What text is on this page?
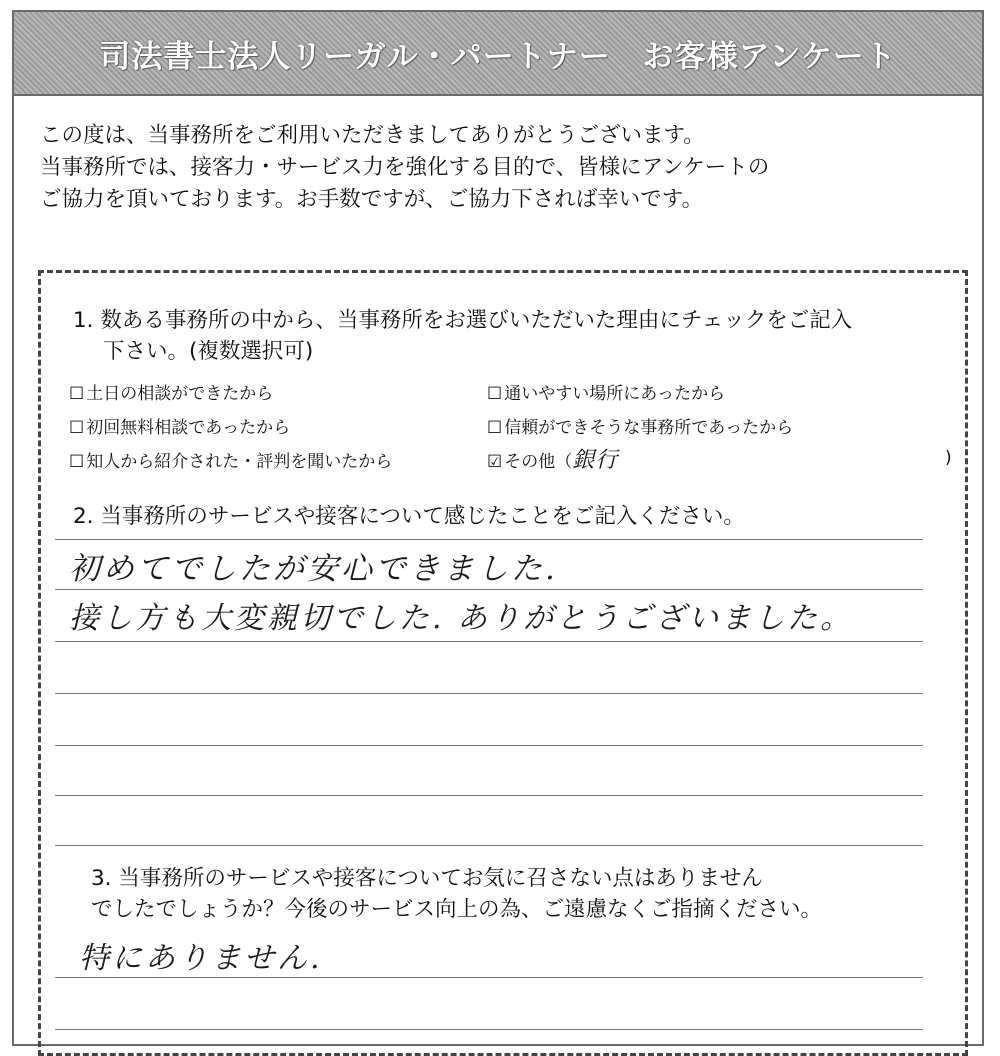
司法書士法人リーガル・パートナー　お客様アンケート
この度は、当事務所をご利用いただきましてありがとうございます。
当事務所では、接客力・サービス力を強化する目的で、皆様にアンケートの
ご協力を頂いております。お手数ですが、ご協力下されば幸いです。
1. 数ある事務所の中から、当事務所をお選びいただいた理由にチェックをご記入
下さい。(複数選択可)
☐ 土日の相談ができたから	☐ 通いやすい場所にあったから
☐ 初回無料相談であったから	☐ 信頼ができそうな事務所であったから
☐ 知人から紹介された・評判を聞いたから	☑ その他（銀行	)
2. 当事務所のサービスや接客について感じたことをご記入ください。
初めてでしたが安心できました.
接し方も大変親切でした. ありがとうございました。
3. 当事務所のサービスや接客についてお気に召さない点はありません
でしたでしょうか？今後のサービス向上の為、ご遠慮なくご指摘ください。
特にありません.
